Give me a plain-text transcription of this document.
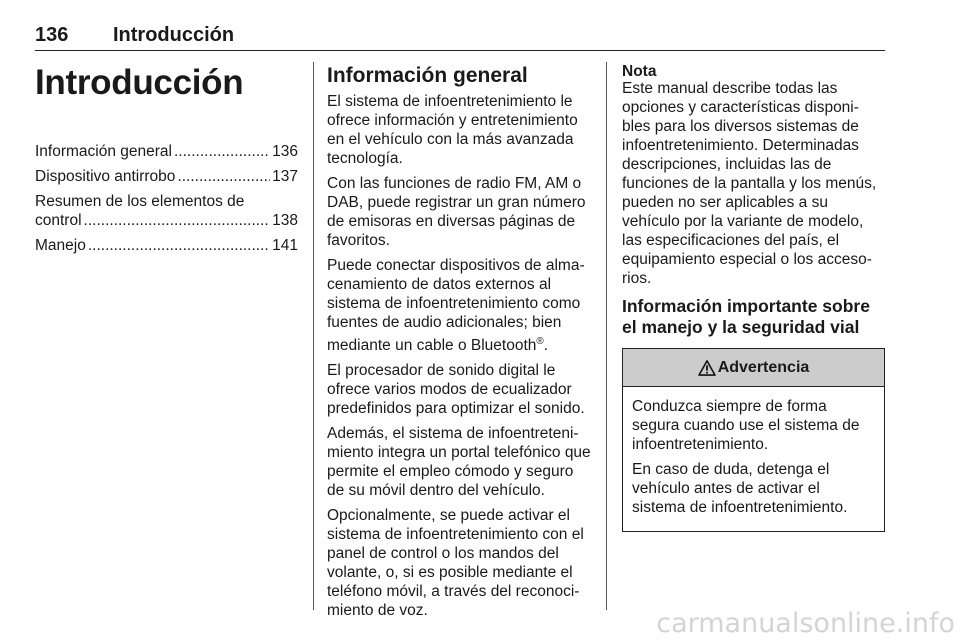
136 Introducción
Introducción
Información general .....	136
Dispositivo antirrobo .....	137
Resumen de los elementos de
control .....	138
Manejo .....	141
Información general

El sistema de infoentretenimiento le ofrece información y entretenimiento en el vehículo con la más avanzada tecnología.

Con las funciones de radio FM, AM o DAB, puede registrar un gran número de emisoras en diversas páginas de favoritos.

Puede conectar dispositivos de alma-cenamiento de datos externos al sistema de infoentretenimiento como fuentes de audio adicionales; bien mediante un cable o Bluetooth®.

El procesador de sonido digital le ofrece varios modos de ecualizador predefinidos para optimizar el sonido.

Además, el sistema de infoentreteni-miento integra un portal telefónico que permite el empleo cómodo y seguro de su móvil dentro del vehículo.

Opcionalmente, se puede activar el sistema de infoentretenimiento con el panel de control o los mandos del volante, o, si es posible mediante el teléfono móvil, a través del reconoci-miento de voz.

Nota

Este manual describe todas las opciones y características disponi-bles para los diversos sistemas de infoentretenimiento. Determinadas descripciones, incluidas las de funciones de la pantalla y los menús, pueden no ser aplicables a su vehículo por la variante de modelo, las especificaciones del país, el equipamiento especial o los acceso-rios.

Información importante sobre el manejo y la seguridad vial
Advertencia

Conduzca siempre de forma segura cuando use el sistema de infoentretenimiento.

En caso de duda, detenga el vehículo antes de activar el sistema de infoentretenimiento.

carmanualsonline.info
